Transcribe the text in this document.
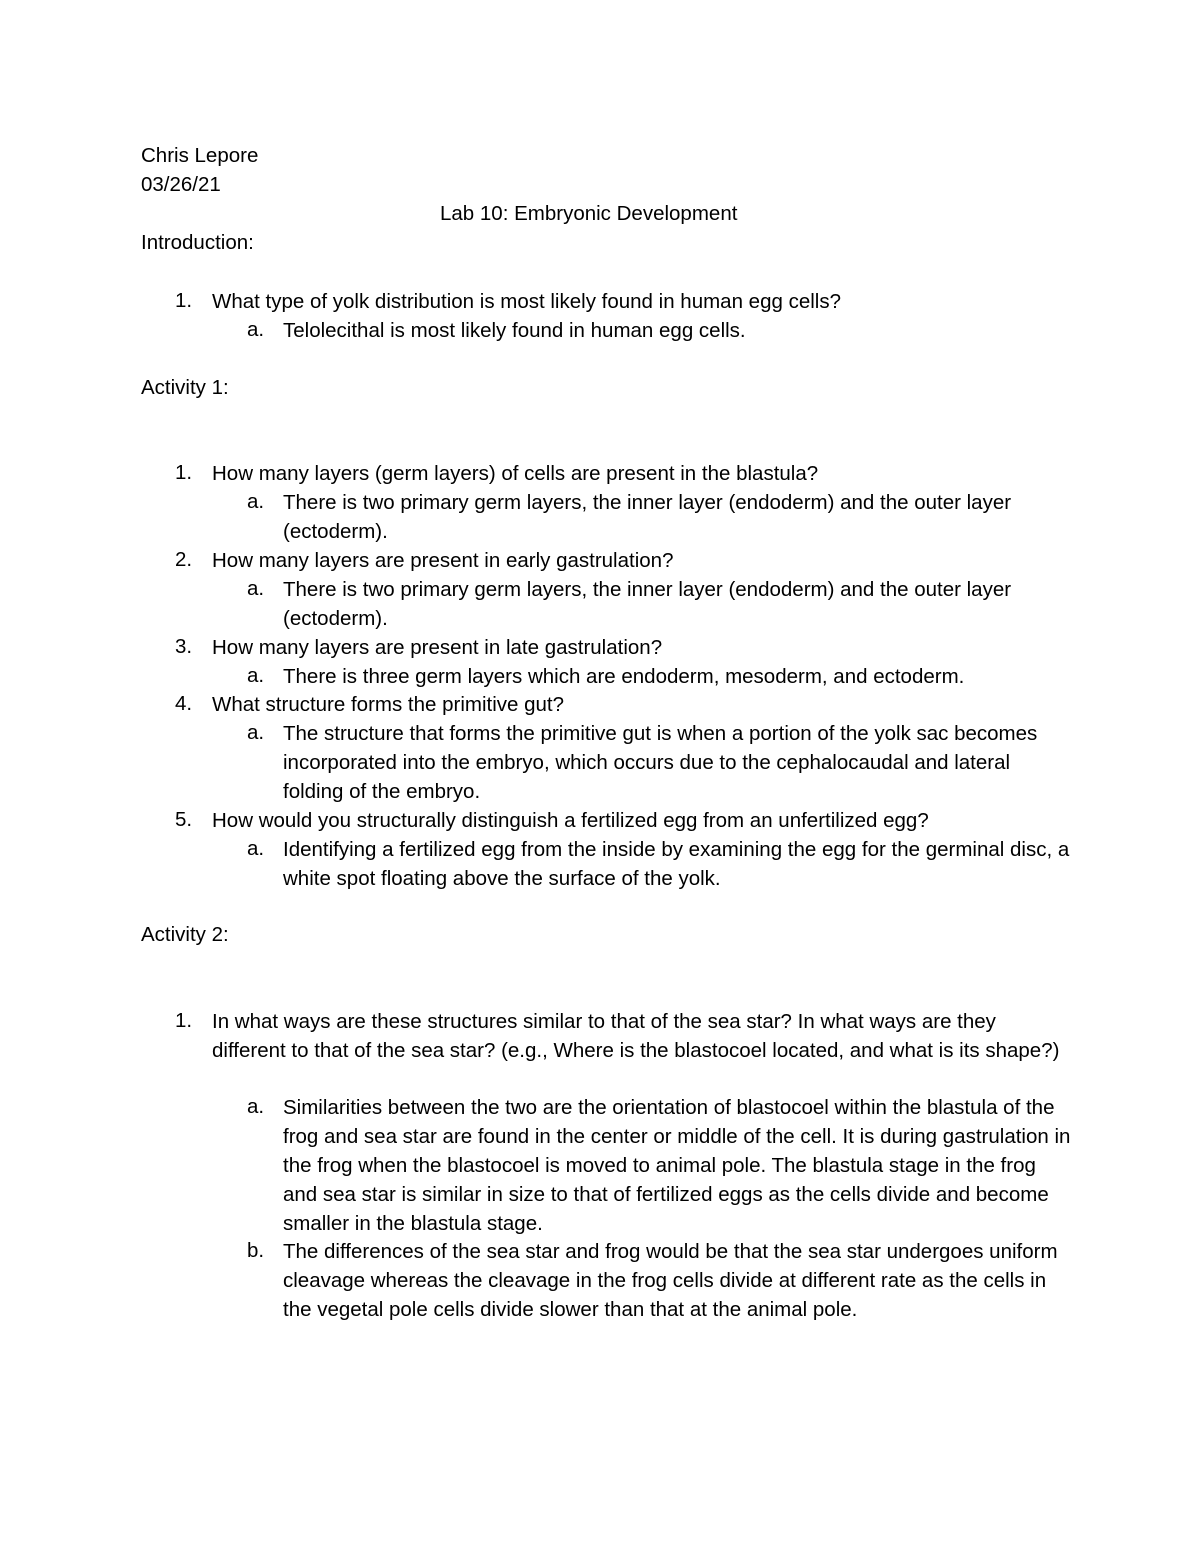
Chris Lepore
03/26/21
Lab 10: Embryonic Development
Introduction:
1. What type of yolk distribution is most likely found in human egg cells?
a. Telolecithal is most likely found in human egg cells.
Activity 1:
1. How many layers (germ layers) of cells are present in the blastula?
a. There is two primary germ layers, the inner layer (endoderm) and the outer layer (ectoderm).
2. How many layers are present in early gastrulation?
a. There is two primary germ layers, the inner layer (endoderm) and the outer layer (ectoderm).
3. How many layers are present in late gastrulation?
a. There is three germ layers which are endoderm, mesoderm, and ectoderm.
4. What structure forms the primitive gut?
a. The structure that forms the primitive gut is when a portion of the yolk sac becomes incorporated into the embryo, which occurs due to the cephalocaudal and lateral folding of the embryo.
5. How would you structurally distinguish a fertilized egg from an unfertilized egg?
a. Identifying a fertilized egg from the inside by examining the egg for the germinal disc, a white spot floating above the surface of the yolk.
Activity 2:
1. In what ways are these structures similar to that of the sea star? In what ways are they different to that of the sea star? (e.g., Where is the blastocoel located, and what is its shape?)
a. Similarities between the two are the orientation of blastocoel within the blastula of the frog and sea star are found in the center or middle of the cell. It is during gastrulation in the frog when the blastocoel is moved to animal pole. The blastula stage in the frog and sea star is similar in size to that of fertilized eggs as the cells divide and become smaller in the blastula stage.
b. The differences of the sea star and frog would be that the sea star undergoes uniform cleavage whereas the cleavage in the frog cells divide at different rate as the cells in the vegetal pole cells divide slower than that at the animal pole.
